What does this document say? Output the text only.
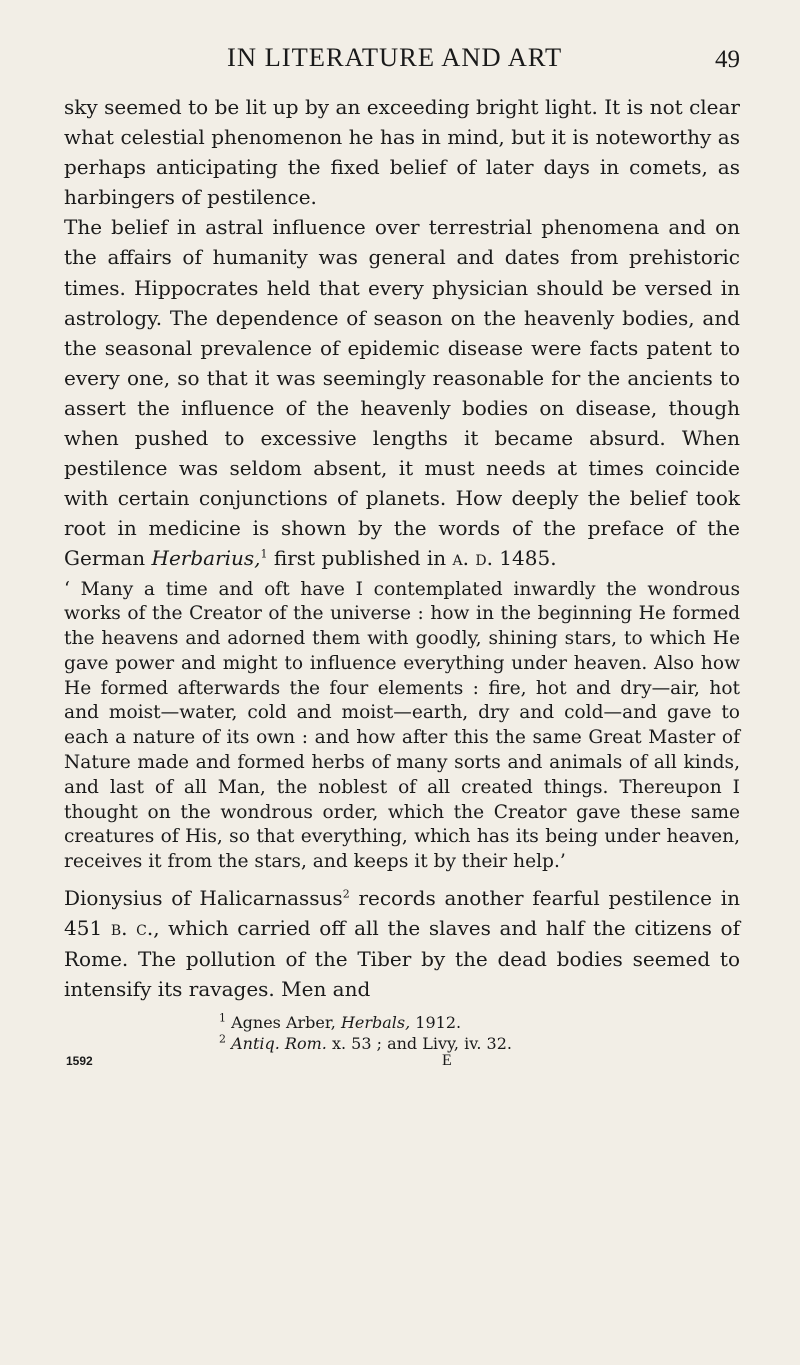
IN LITERATURE AND ART	49

sky seemed to be lit up by an exceeding bright light. It is not clear what celestial phenomenon he has in mind, but it is noteworthy as perhaps anticipating the fixed belief of later days in comets, as harbingers of pestilence.

The belief in astral influence over terrestrial phenomena and on the affairs of humanity was general and dates from prehistoric times. Hippocrates held that every physician should be versed in astrology. The dependence of season on the heavenly bodies, and the seasonal prevalence of epidemic disease were facts patent to every one, so that it was seemingly reasonable for the ancients to assert the influence of the heavenly bodies on disease, though when pushed to excessive lengths it became absurd. When pestilence was seldom absent, it must needs at times coincide with certain conjunctions of planets. How deeply the belief took root in medicine is shown by the words of the preface of the German Herbarius,$^1$ first published in a. d. 1485.

‘ Many a time and oft have I contemplated inwardly the wondrous works of the Creator of the universe : how in the beginning He formed the heavens and adorned them with goodly, shining stars, to which He gave power and might to influence everything under heaven. Also how He formed afterwards the four elements : fire, hot and dry—air, hot and moist—water, cold and moist—earth, dry and cold—and gave to each a nature of its own : and how after this the same Great Master of Nature made and formed herbs of many sorts and animals of all kinds, and last of all Man, the noblest of all created things. Thereupon I thought on the wondrous order, which the Creator gave these same creatures of His, so that everything, which has its being under heaven, receives it from the stars, and keeps it by their help.’

Dionysius of Halicarnassus$^2$ records another fearful pestilence in 451 b. c., which carried off all the slaves and half the citizens of Rome. The pollution of the Tiber by the dead bodies seemed to intensify its ravages. Men and

$^1$ Agnes Arber, Herbals, 1912.
$^2$ Antiq. Rom. x. 53 ; and Livy, iv. 32.
1592	E
